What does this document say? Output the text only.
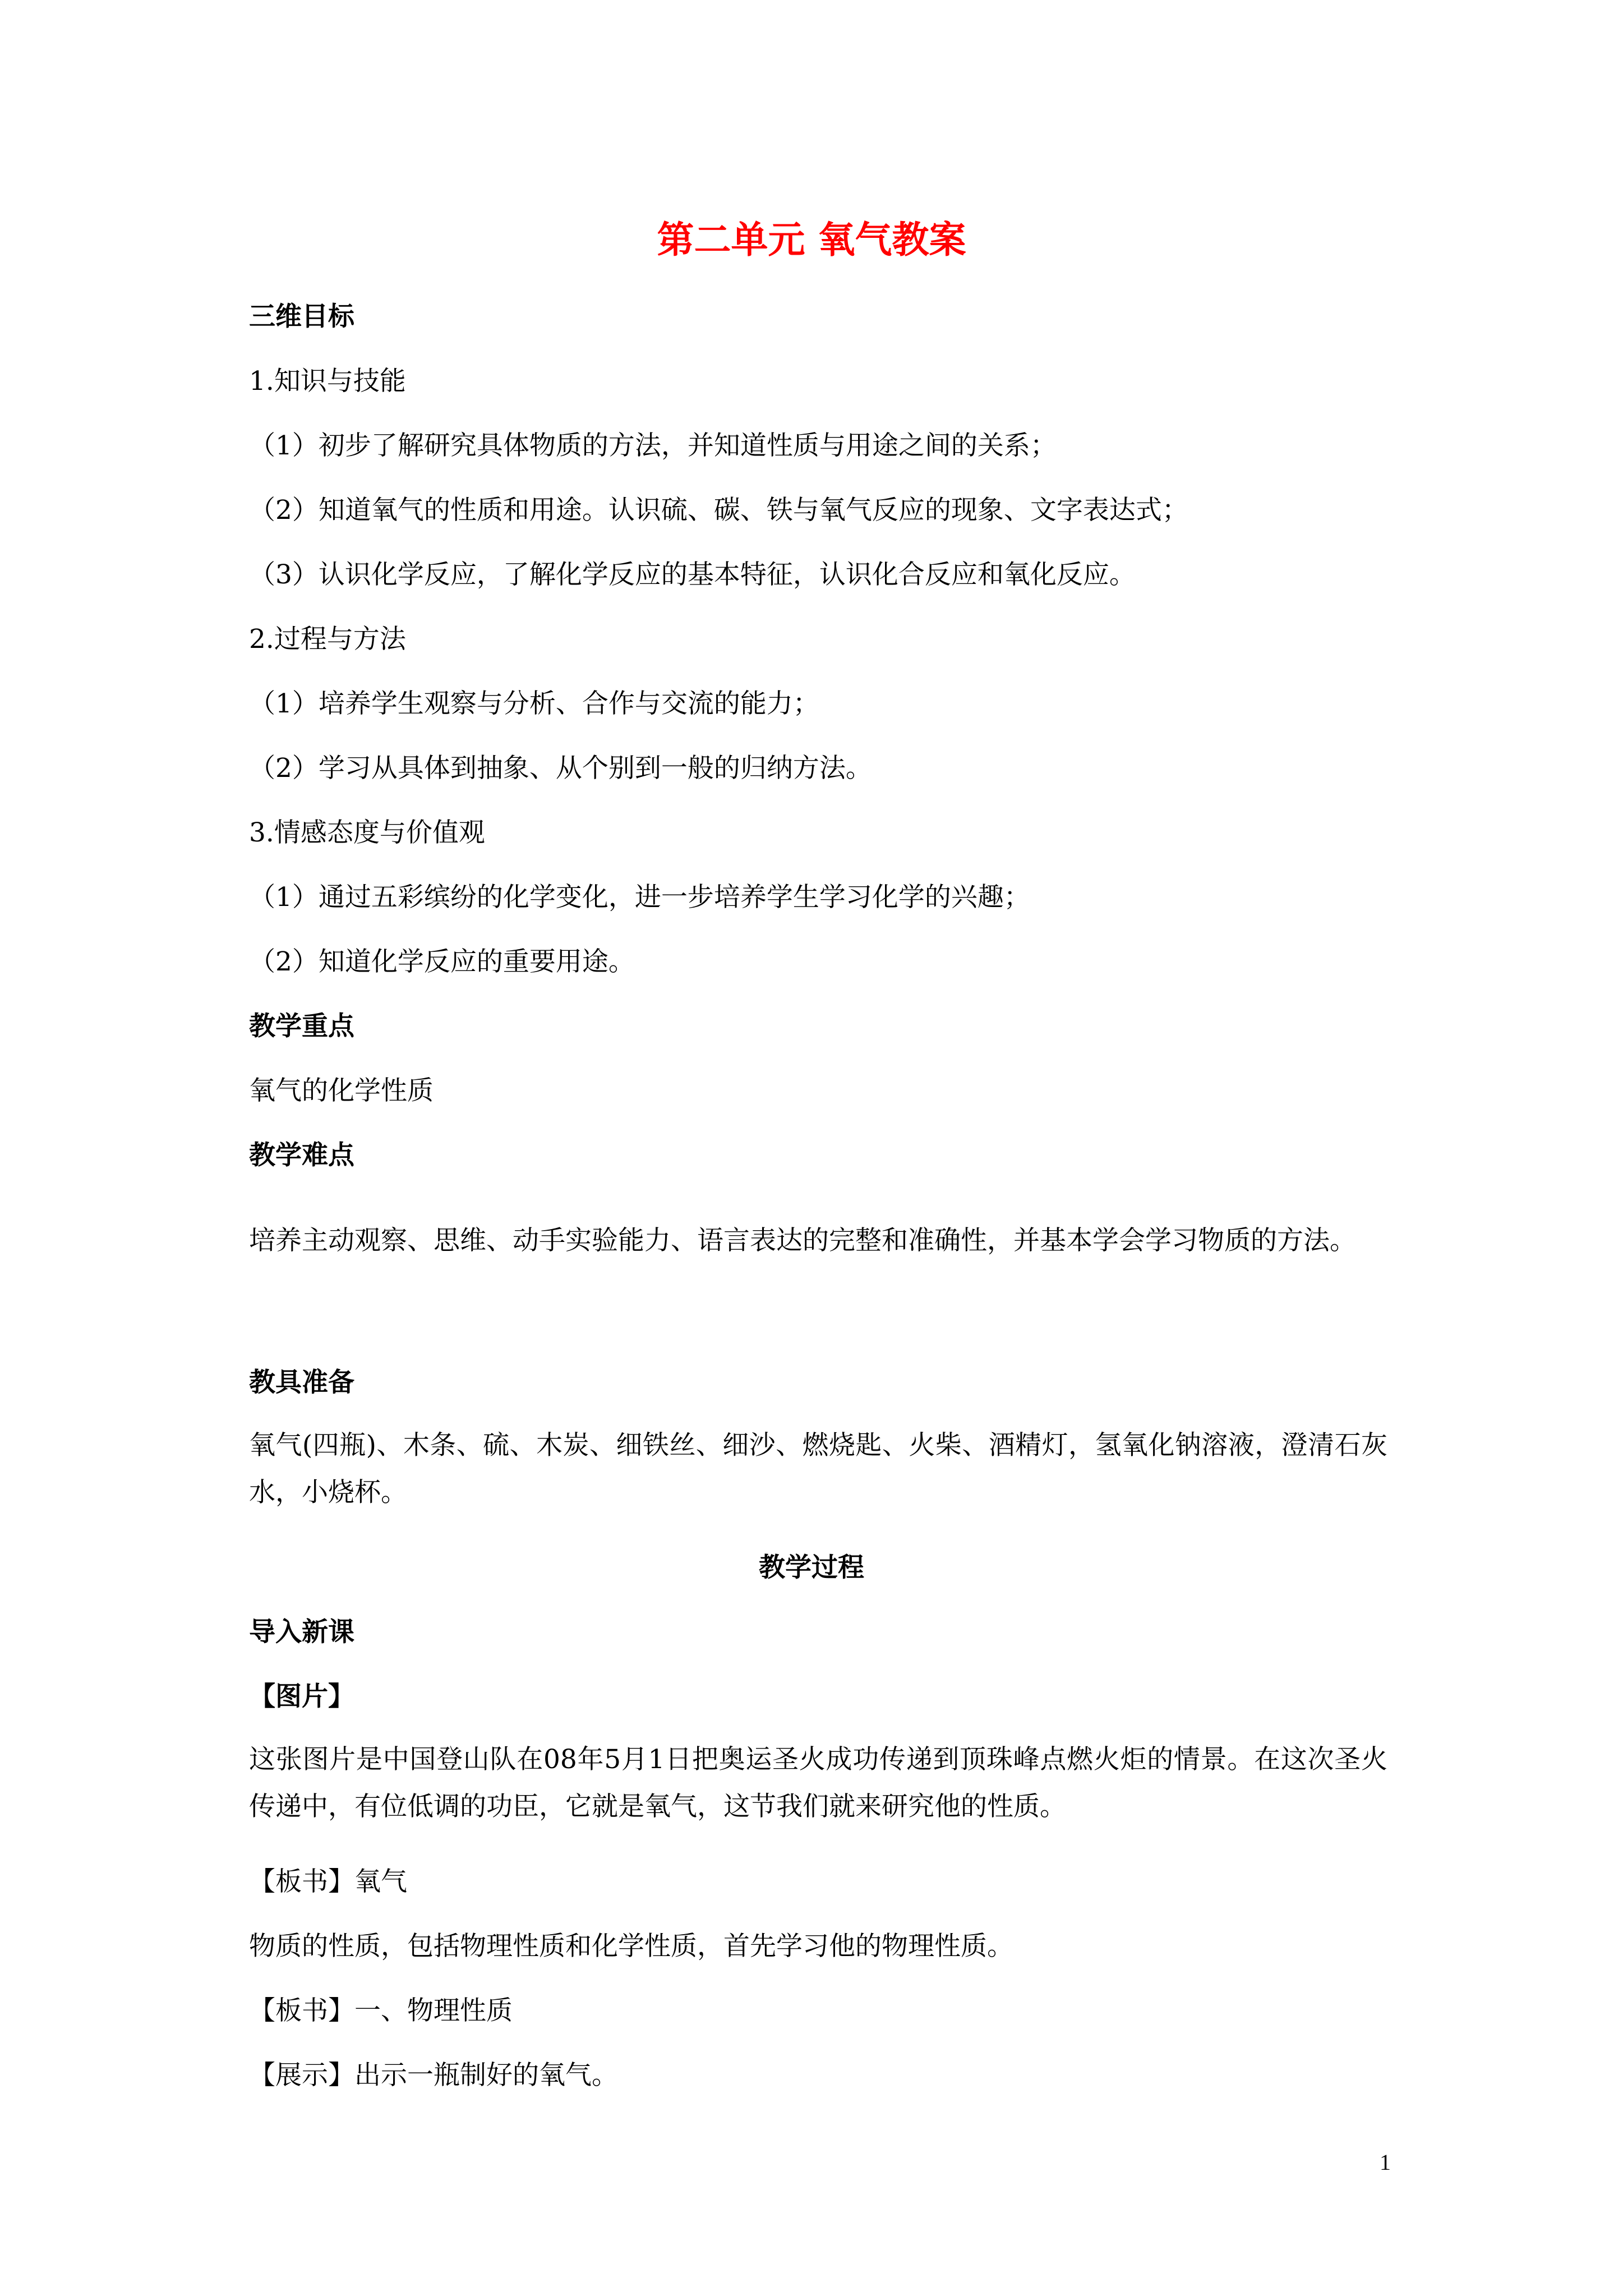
第二单元 氧气教案
三维目标
1.知识与技能
（1）初步了解研究具体物质的方法，并知道性质与用途之间的关系；
（2）知道氧气的性质和用途。认识硫、碳、铁与氧气反应的现象、文字表达式；
（3）认识化学反应，了解化学反应的基本特征，认识化合反应和氧化反应。
2.过程与方法
（1）培养学生观察与分析、合作与交流的能力；
（2）学习从具体到抽象、从个别到一般的归纳方法。
3.情感态度与价值观
（1）通过五彩缤纷的化学变化，进一步培养学生学习化学的兴趣；
（2）知道化学反应的重要用途。
教学重点
氧气的化学性质
教学难点
培养主动观察、思维、动手实验能力、语言表达的完整和准确性，并基本学会学习物质的方法。
教具准备
氧气(四瓶)、木条、硫、木炭、细铁丝、细沙、燃烧匙、火柴、酒精灯，氢氧化钠溶液，澄清石灰水，小烧杯。
教学过程
导入新课
【图片】
这张图片是中国登山队在08年5月1日把奥运圣火成功传递到顶珠峰点燃火炬的情景。在这次圣火传递中，有位低调的功臣，它就是氧气，这节我们就来研究他的性质。
【板书】氧气
物质的性质，包括物理性质和化学性质，首先学习他的物理性质。
【板书】一、物理性质
【展示】出示一瓶制好的氧气。
1
